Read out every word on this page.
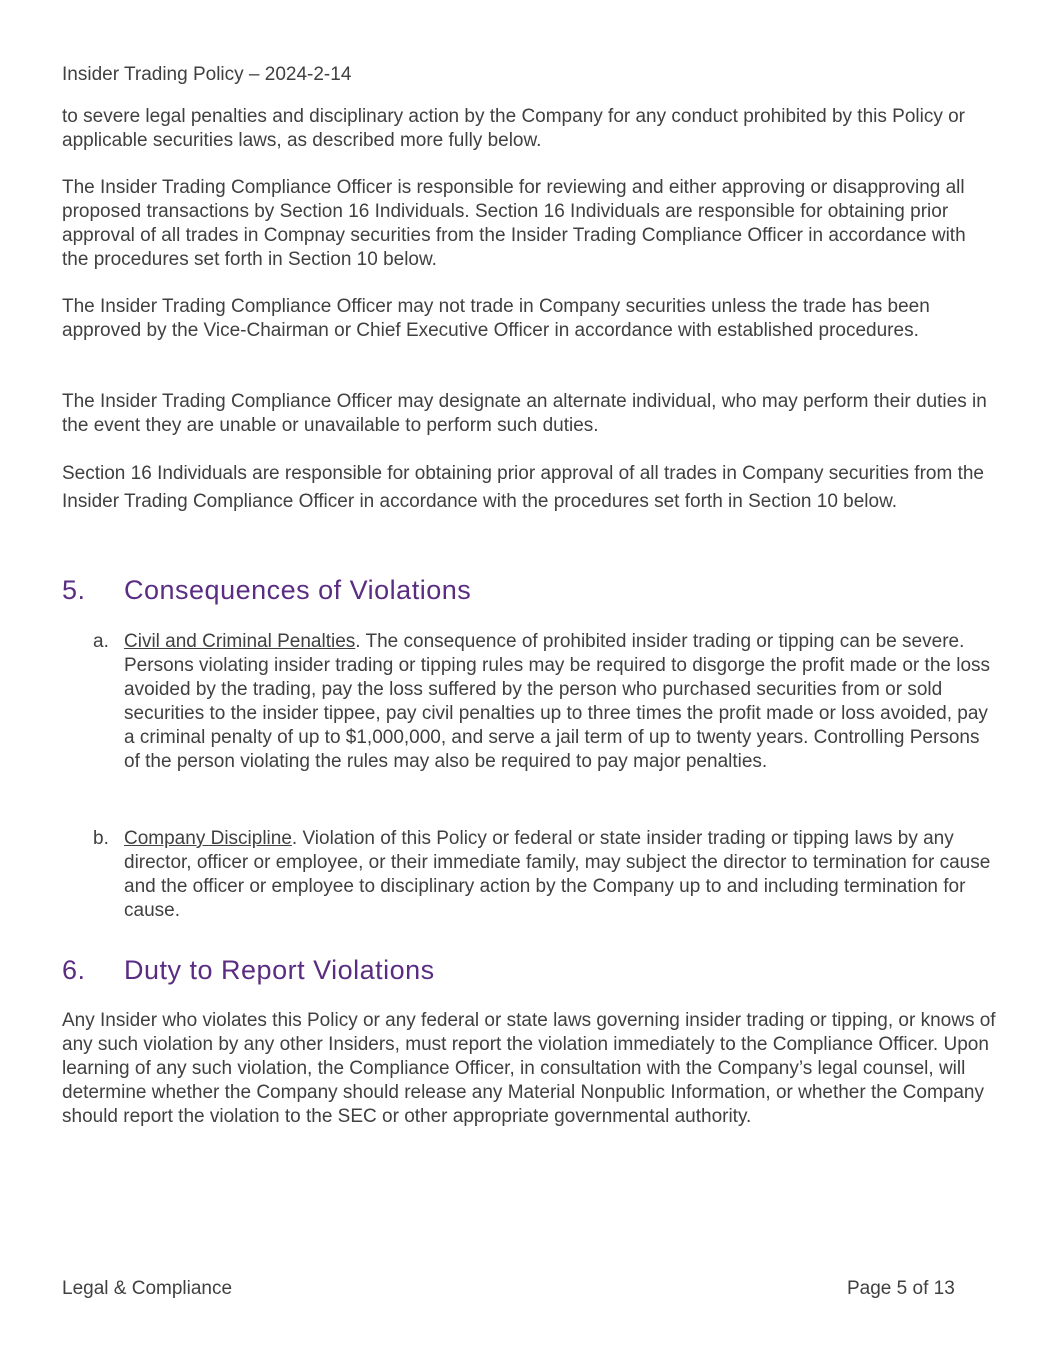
Insider Trading Policy – 2024-2-14

to severe legal penalties and disciplinary action by the Company for any conduct prohibited by this Policy or applicable securities laws, as described more fully below.

The Insider Trading Compliance Officer is responsible for reviewing and either approving or disapproving all proposed transactions by Section 16 Individuals. Section 16 Individuals are responsible for obtaining prior approval of all trades in Compnay securities from the Insider Trading Compliance Officer in accordance with the procedures set forth in Section 10 below.

The Insider Trading Compliance Officer may not trade in Company securities unless the trade has been approved by the Vice-Chairman or Chief Executive Officer in accordance with established procedures.

The Insider Trading Compliance Officer may designate an alternate individual, who may perform their duties in the event they are unable or unavailable to perform such duties.

Section 16 Individuals are responsible for obtaining prior approval of all trades in Company securities from the Insider Trading Compliance Officer in accordance with the procedures set forth in Section 10 below.

5. Consequences of Violations
a. Civil and Criminal Penalties. The consequence of prohibited insider trading or tipping can be severe. Persons violating insider trading or tipping rules may be required to disgorge the profit made or the loss avoided by the trading, pay the loss suffered by the person who purchased securities from or sold securities to the insider tippee, pay civil penalties up to three times the profit made or loss avoided, pay a criminal penalty of up to $1,000,000, and serve a jail term of up to twenty years. Controlling Persons of the person violating the rules may also be required to pay major penalties.
b. Company Discipline. Violation of this Policy or federal or state insider trading or tipping laws by any director, officer or employee, or their immediate family, may subject the director to termination for cause and the officer or employee to disciplinary action by the Company up to and including termination for cause.
6. Duty to Report Violations

Any Insider who violates this Policy or any federal or state laws governing insider trading or tipping, or knows of any such violation by any other Insiders, must report the violation immediately to the Compliance Officer. Upon learning of any such violation, the Compliance Officer, in consultation with the Company’s legal counsel, will determine whether the Company should release any Material Nonpublic Information, or whether the Company should report the violation to the SEC or other appropriate governmental authority.

Legal & Compliance	Page 5 of 13
